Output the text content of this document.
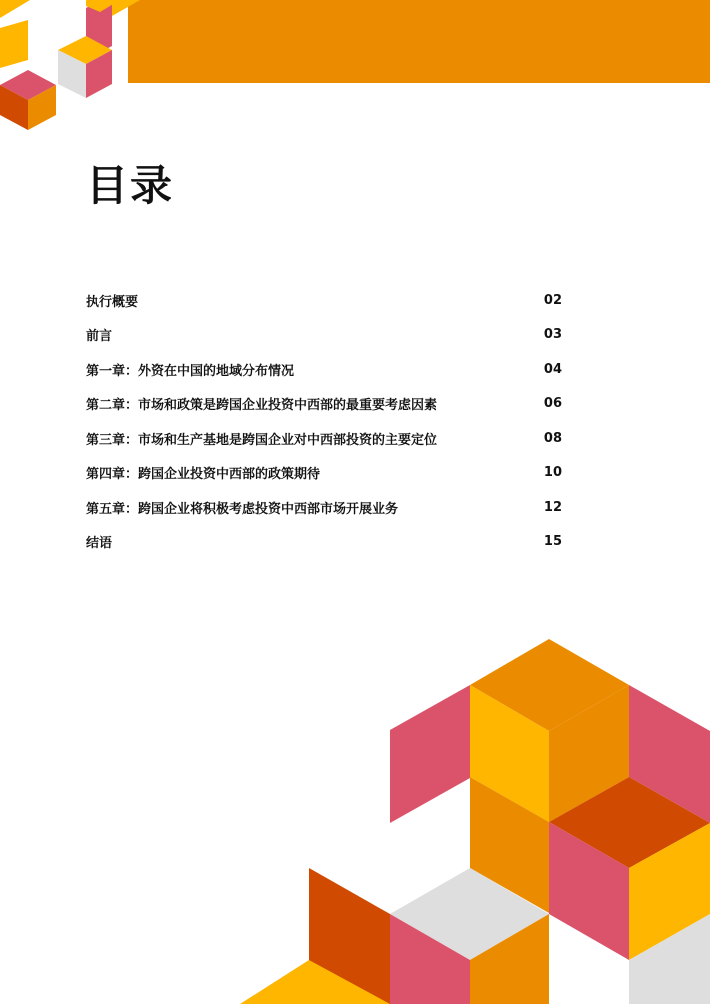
目录
执行概要	02
前言	03
第一章：外资在中国的地域分布情况	04
第二章：市场和政策是跨国企业投资中西部的最重要考虑因素	06
第三章：市场和生产基地是跨国企业对中西部投资的主要定位	08
第四章：跨国企业投资中西部的政策期待	10
第五章：跨国企业将积极考虑投资中西部市场开展业务	12
结语	15
